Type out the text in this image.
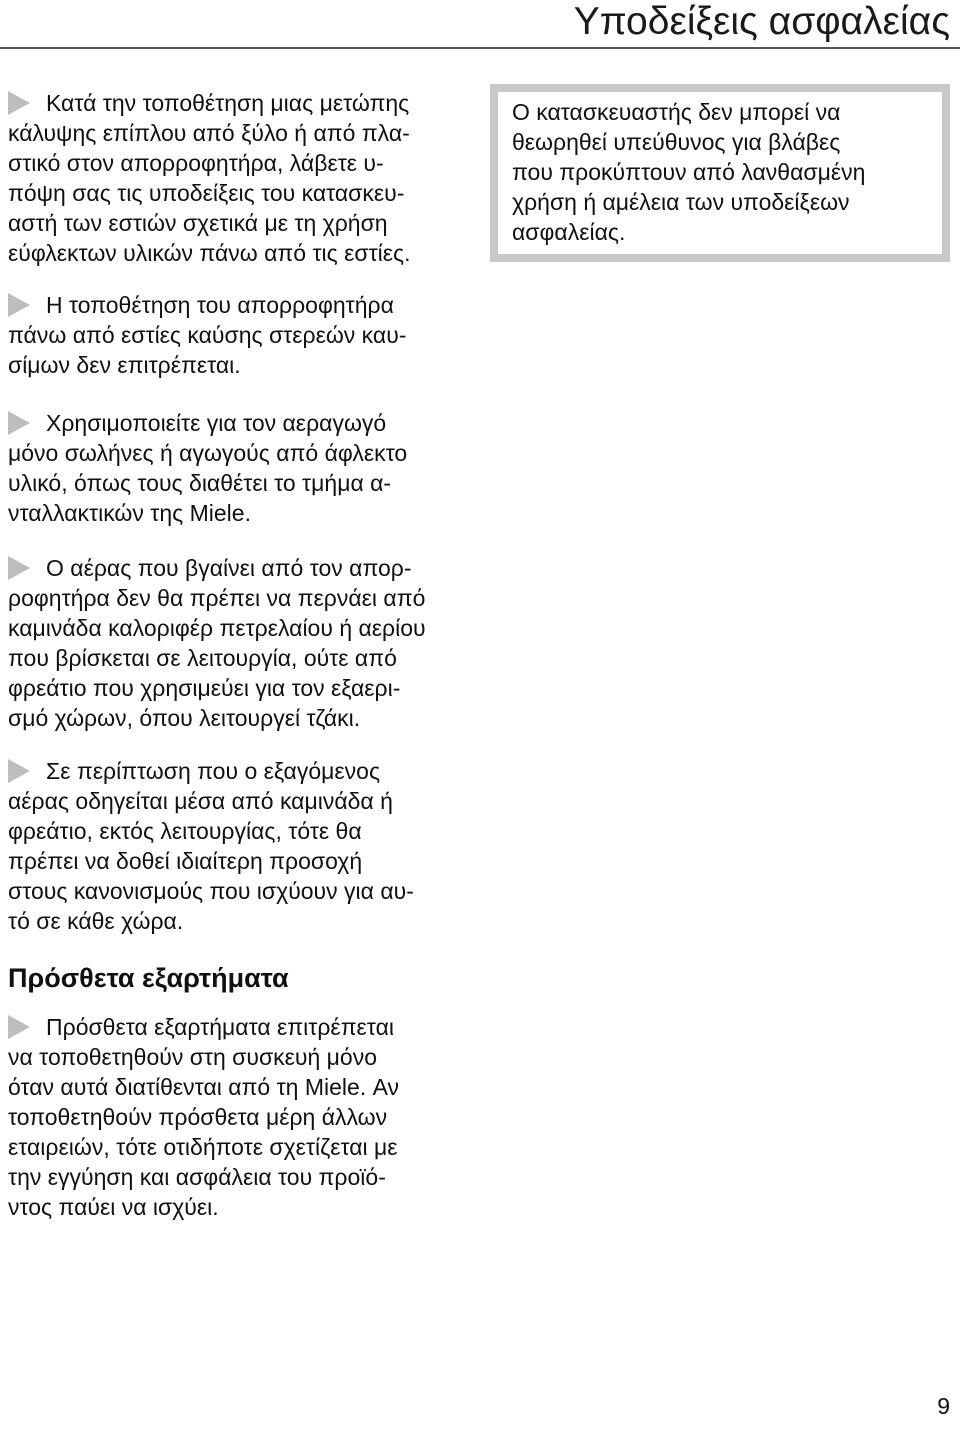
Υποδείξεις ασφαλείας
Κατά την τοποθέτηση μιας μετώπης
κάλυψης επίπλου από ξύλο ή από πλα-
στικό στον απορροφητήρα, λάβετε υ-
πόψη σας τις υποδείξεις του κατασκευ-
αστή των εστιών σχετικά με τη χρήση
εύφλεκτων υλικών πάνω από τις εστίες.
Ο κατασκευαστής δεν μπορεί να
θεωρηθεί υπεύθυνος για βλάβες
που προκύπτουν από λανθασμένη
χρήση ή αμέλεια των υποδείξεων
ασφαλείας.
Η τοποθέτηση του απορροφητήρα
πάνω από εστίες καύσης στερεών καυ-
σίμων δεν επιτρέπεται.
Χρησιμοποιείτε για τον αεραγωγό
μόνο σωλήνες ή αγωγούς από άφλεκτο
υλικό, όπως τους διαθέτει το τμήμα α-
νταλλακτικών της Miele.
Ο αέρας που βγαίνει από τον απορ-
ροφητήρα δεν θα πρέπει να περνάει από
καμινάδα καλοριφέρ πετρελαίου ή αερίου
που βρίσκεται σε λειτουργία, ούτε από
φρεάτιο που χρησιμεύει για τον εξαερι-
σμό χώρων, όπου λειτουργεί τζάκι.
Σε περίπτωση που ο εξαγόμενος
αέρας οδηγείται μέσα από καμινάδα ή
φρεάτιο, εκτός λειτουργίας, τότε θα
πρέπει να δοθεί ιδιαίτερη προσοχή
στους κανονισμούς που ισχύουν για αυ-
τό σε κάθε χώρα.
Πρόσθετα εξαρτήματα
Πρόσθετα εξαρτήματα επιτρέπεται
να τοποθετηθούν στη συσκευή μόνο
όταν αυτά διατίθενται από τη Miele. Αν
τοποθετηθούν πρόσθετα μέρη άλλων
εταιρειών, τότε οτιδήποτε σχετίζεται με
την εγγύηση και ασφάλεια του προϊό-
ντος παύει να ισχύει.
9
